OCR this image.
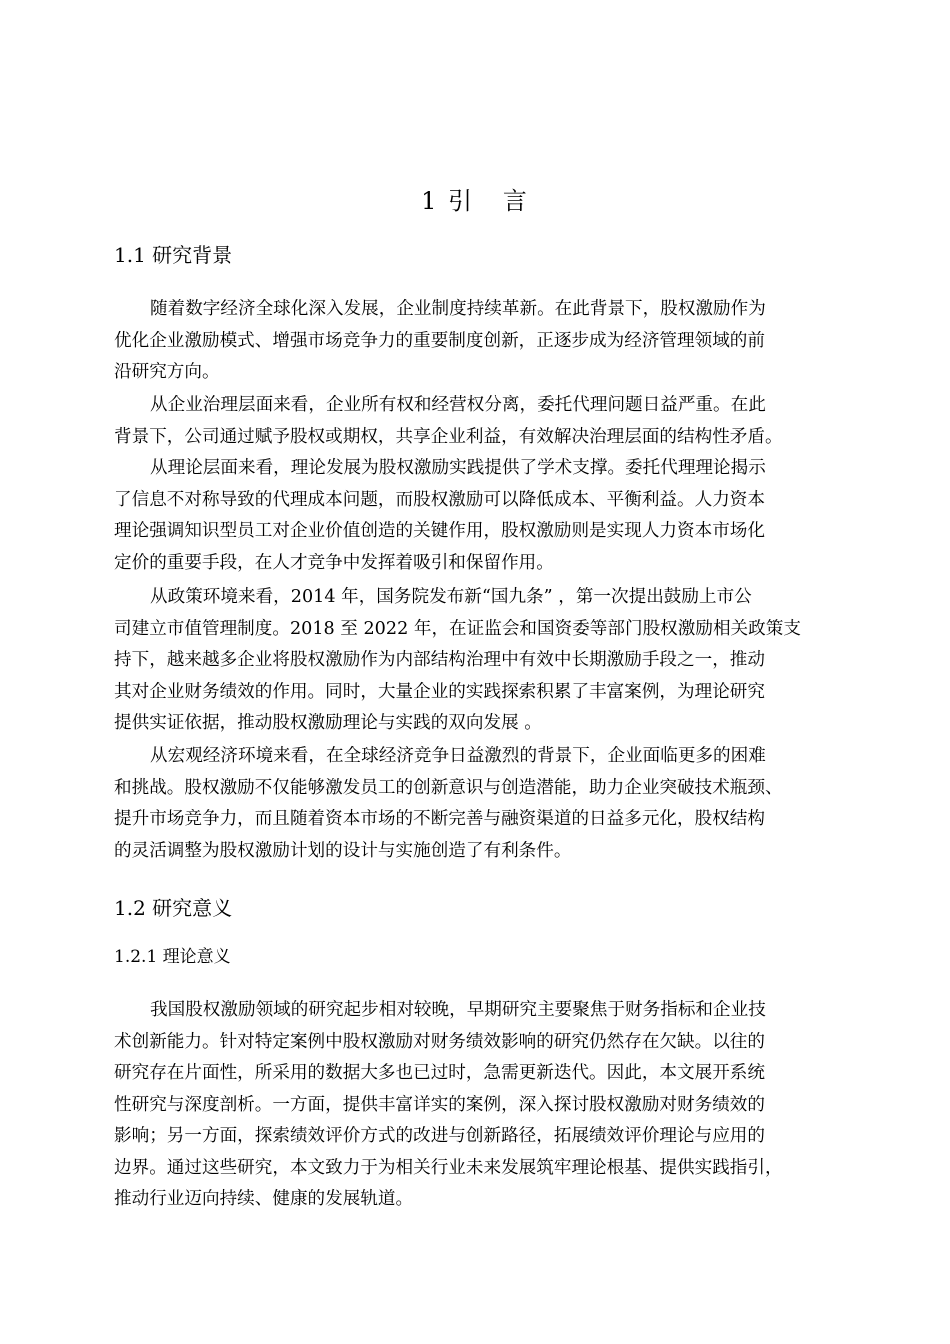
1 引   言
1.1 研究背景
随着数字经济全球化深入发展，企业制度持续革新。在此背景下，股权激励作为
优化企业激励模式、增强市场竞争力的重要制度创新，正逐步成为经济管理领域的前
沿研究方向。
从企业治理层面来看，企业所有权和经营权分离，委托代理问题日益严重。在此
背景下，公司通过赋予股权或期权，共享企业利益，有效解决治理层面的结构性矛盾。
从理论层面来看，理论发展为股权激励实践提供了学术支撑。委托代理理论揭示
了信息不对称导致的代理成本问题，而股权激励可以降低成本、平衡利益。人力资本
理论强调知识型员工对企业价值创造的关键作用，股权激励则是实现人力资本市场化
定价的重要手段，在人才竞争中发挥着吸引和保留作用。
从政策环境来看，2014 年，国务院发布新“国九条” ，第一次提出鼓励上市公
司建立市值管理制度。2018 至 2022 年，在证监会和国资委等部门股权激励相关政策支
持下，越来越多企业将股权激励作为内部结构治理中有效中长期激励手段之一，推动
其对企业财务绩效的作用。同时，大量企业的实践探索积累了丰富案例，为理论研究
提供实证依据，推动股权激励理论与实践的双向发展 。
从宏观经济环境来看，在全球经济竞争日益激烈的背景下，企业面临更多的困难
和挑战。股权激励不仅能够激发员工的创新意识与创造潜能，助力企业突破技术瓶颈、
提升市场竞争力，而且随着资本市场的不断完善与融资渠道的日益多元化，股权结构
的灵活调整为股权激励计划的设计与实施创造了有利条件。
1.2 研究意义
1.2.1 理论意义
我国股权激励领域的研究起步相对较晚，早期研究主要聚焦于财务指标和企业技
术创新能力。针对特定案例中股权激励对财务绩效影响的研究仍然存在欠缺。以往的
研究存在片面性，所采用的数据大多也已过时，急需更新迭代。因此，本文展开系统
性研究与深度剖析。一方面，提供丰富详实的案例，深入探讨股权激励对财务绩效的
影响；另一方面，探索绩效评价方式的改进与创新路径，拓展绩效评价理论与应用的
边界。通过这些研究，本文致力于为相关行业未来发展筑牢理论根基、提供实践指引，
推动行业迈向持续、健康的发展轨道。
